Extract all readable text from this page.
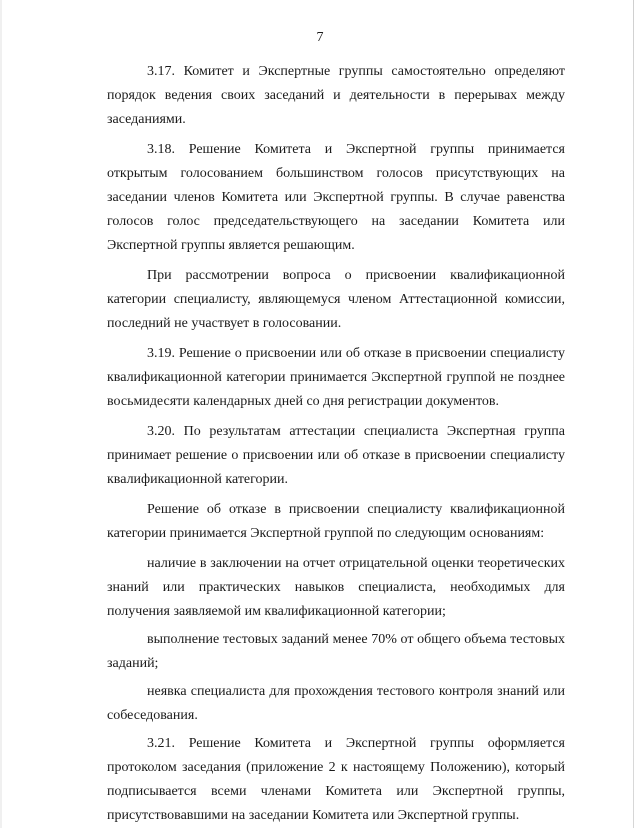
7

3.17. Комитет и Экспертные группы самостоятельно определяют порядок ведения своих заседаний и деятельности в перерывах между заседаниями.

3.18. Решение Комитета и Экспертной группы принимается открытым голосованием большинством голосов присутствующих на заседании членов Комитета или Экспертной группы. В случае равенства голосов голос председательствующего на заседании Комитета или Экспертной группы является решающим.

При рассмотрении вопроса о присвоении квалификационной категории специалисту, являющемуся членом Аттестационной комиссии, последний не участвует в голосовании.

3.19. Решение о присвоении или об отказе в присвоении специалисту квалификационной категории принимается Экспертной группой не позднее восьмидесяти календарных дней со дня регистрации документов.

3.20. По результатам аттестации специалиста Экспертная группа принимает решение о присвоении или об отказе в присвоении специалисту квалификационной категории.

Решение об отказе в присвоении специалисту квалификационной категории принимается Экспертной группой по следующим основаниям:

наличие в заключении на отчет отрицательной оценки теоретических знаний или практических навыков специалиста, необходимых для получения заявляемой им квалификационной категории;

выполнение тестовых заданий менее 70% от общего объема тестовых заданий;

неявка специалиста для прохождения тестового контроля знаний или собеседования.

3.21. Решение Комитета и Экспертной группы оформляется протоколом заседания (приложение 2 к настоящему Положению), который подписывается всеми членами Комитета или Экспертной группы, присутствовавшими на заседании Комитета или Экспертной группы.
